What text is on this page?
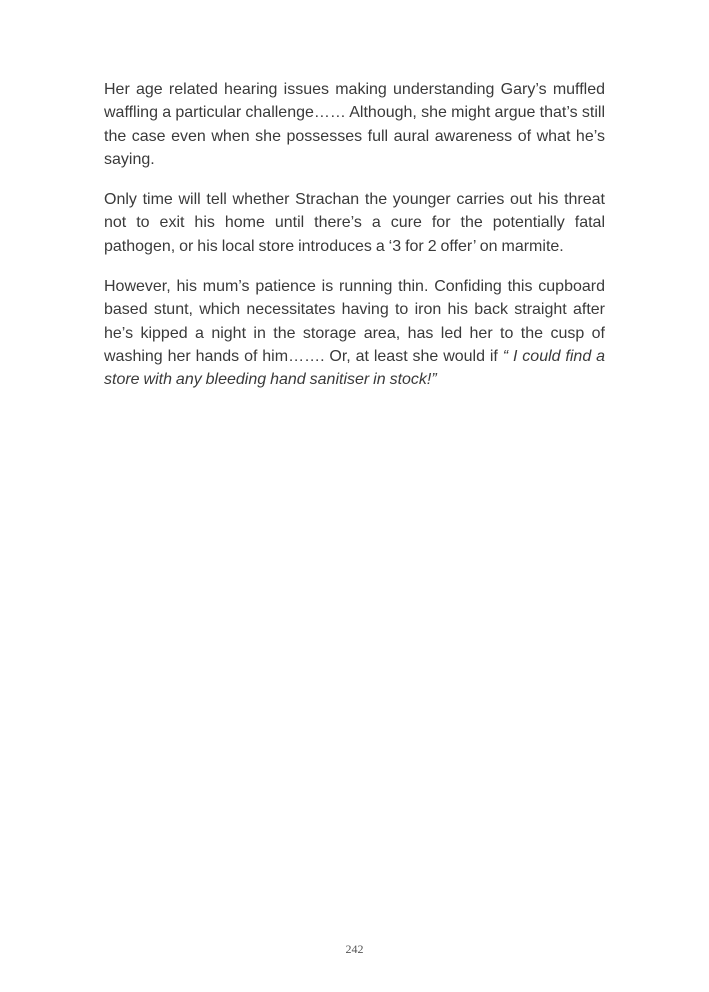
Her age related hearing issues making understanding Gary’s muffled waffling a particular challenge…… Although, she might argue that’s still the case even when she possesses full aural awareness of what he’s saying.

Only time will tell whether Strachan the younger carries out his threat not to exit his home until there’s a cure for the potentially fatal pathogen, or his local store introduces a ‘3 for 2 offer’ on marmite.

However, his mum’s patience is running thin. Confiding this cupboard based stunt, which necessitates having to iron his back straight after he’s kipped a night in the storage area, has led her to the cusp of washing her hands of him……. Or, at least she would if “ I could find a store with any bleeding hand sanitiser in stock!”

242
